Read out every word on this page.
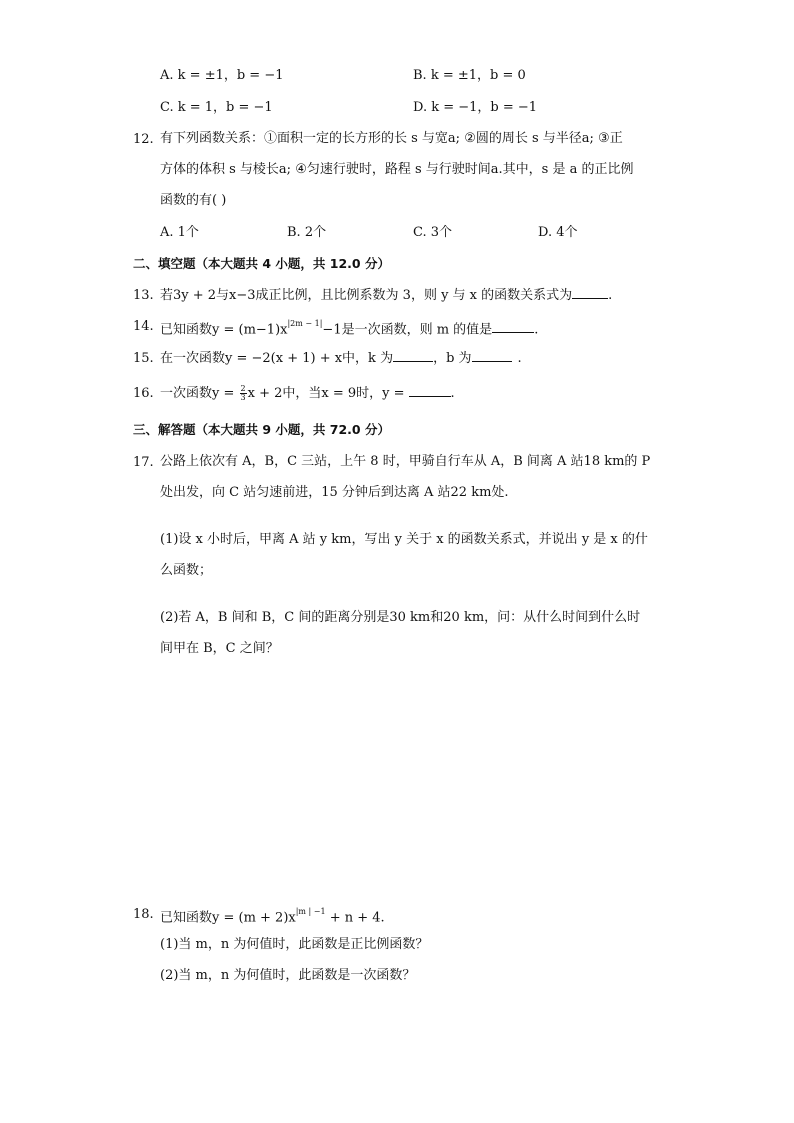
A. k = ±1，b = −1	B. k = ±1，b = 0
C. k = 1，b = −1	D. k = −1，b = −1
12. 有下列函数关系：①面积一定的长方形的长 s 与宽a; ②圆的周长 s 与半径a; ③正
方体的体积 s 与棱长a; ④匀速行驶时，路程 s 与行驶时间a.其中，s 是 a 的正比例
函数的有( )
A. 1个	B. 2个	C. 3个	D. 4个
二、填空题（本大题共 4 小题，共 12.0 分）
13. 若3y + 2与x−3成正比例，且比例系数为 3，则 y 与 x 的函数关系式为	.
14. 已知函数$y = (m-1)x^{|2m - 1|}-1$是一次函数，则 m 的值是	.
15. 在一次函数y = −2(x + 1) + x中，k 为	，b 为	.
16. 一次函数$y = \frac{2}{3}$ x + 2中，当x = 9时，y =	.
三、解答题（本大题共 9 小题，共 72.0 分）
17. 公路上依次有 A，B，C 三站，上午 8 时，甲骑自行车从 A，B 间离 A 站18 km的 P
处出发，向 C 站匀速前进，15 分钟后到达离 A 站22 km处.
(1)设 x 小时后，甲离 A 站 y km，写出 y 关于 x 的函数关系式，并说出 y 是 x 的什
么函数；
(2)若 A，B 间和 B，C 间的距离分别是30 km和20 km，问：从什么时间到什么时
间甲在 B，C 之间？
18. 已知函数$y = (m + 2)x^{|m | -1} + n + 4$.
(1)当 m，n 为何值时，此函数是正比例函数？
(2)当 m，n 为何值时，此函数是一次函数？
